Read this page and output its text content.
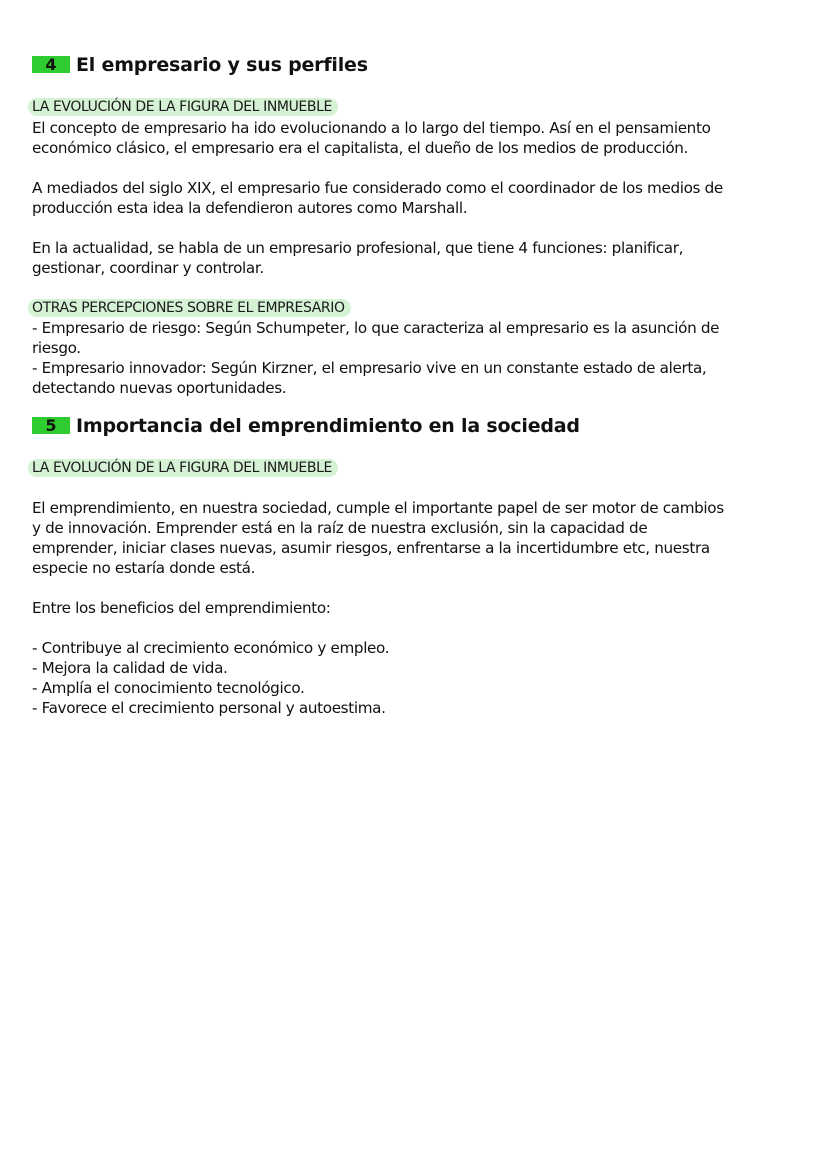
4	El empresario y sus perfiles
LA EVOLUCIÓN DE LA FIGURA DEL INMUEBLE
El concepto de empresario ha ido evolucionando a lo largo del tiempo. Así en el pensamiento
económico clásico, el empresario era el capitalista, el dueño de los medios de producción.
A mediados del siglo XIX, el empresario fue considerado como el coordinador de los medios de
producción esta idea la defendieron autores como Marshall.
En la actualidad, se habla de un empresario profesional, que tiene 4 funciones: planificar,
gestionar, coordinar y controlar.
OTRAS PERCEPCIONES SOBRE EL EMPRESARIO
- Empresario de riesgo: Según Schumpeter, lo que caracteriza al empresario es la asunción de
riesgo.
- Empresario innovador: Según Kirzner, el empresario vive en un constante estado de alerta,
detectando nuevas oportunidades.
5	Importancia del emprendimiento en la sociedad
LA EVOLUCIÓN DE LA FIGURA DEL INMUEBLE
El emprendimiento, en nuestra sociedad, cumple el importante papel de ser motor de cambios
y de innovación. Emprender está en la raíz de nuestra exclusión, sin la capacidad de
emprender, iniciar clases nuevas, asumir riesgos, enfrentarse a la incertidumbre etc, nuestra
especie no estaría donde está.
Entre los beneficios del emprendimiento:
- Contribuye al crecimiento económico y empleo.
- Mejora la calidad de vida.
- Amplía el conocimiento tecnológico.
- Favorece el crecimiento personal y autoestima.
